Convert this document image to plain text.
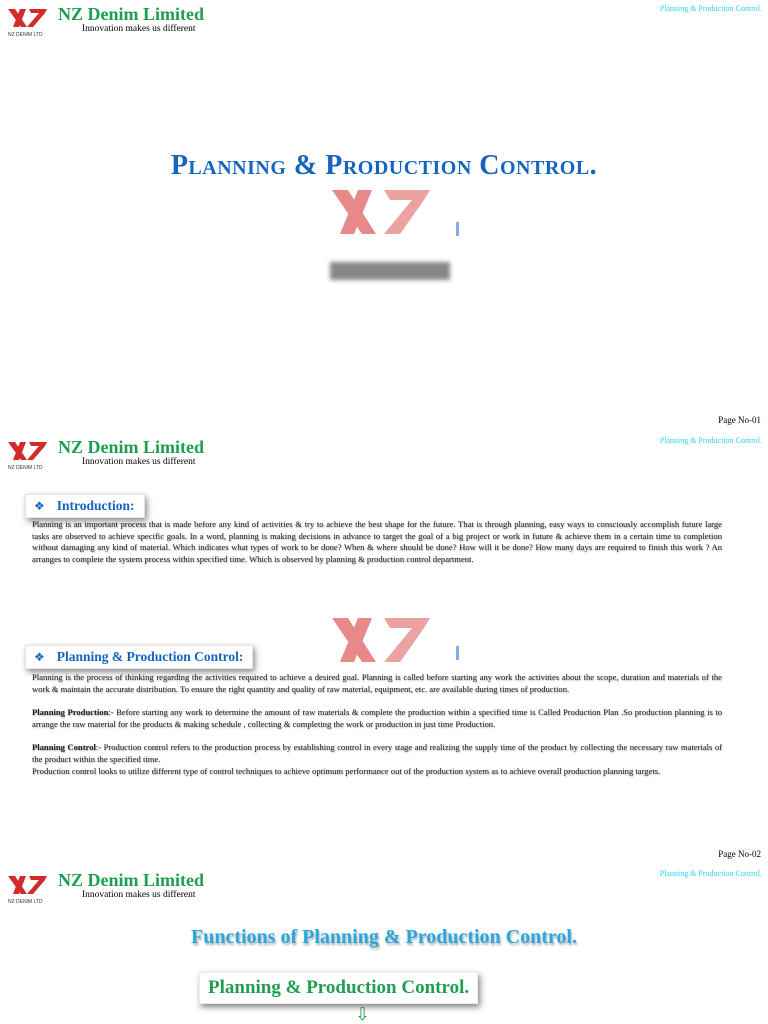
NZ DENIM LTD
NZ Denim Limited
Innovation makes us different
Planning & Production Control.
Planning & Production Control.
Page No-01
NZ DENIM LTD
NZ Denim Limited
Innovation makes us different
Planning & Production Control.
❖ Introduction:
Planning is an important process that is made before any kind of activities & try to achieve the best shape for the future. That is through planning, easy ways to consciously accomplish future large tasks are observed to achieve specific goals. In a word, planning is making decisions in advance to target the goal of a big project or work in future & achieve them in a certain time to completion without damaging any kind of material. Which indicates what types of work to be done? When & where should be done? How will it be done? How many days are required to finish this work ? An arranges to complete the system process within specified time. Which is observed by planning & production control department.
❖ Planning & Production Control:
Planning is the process of thinking regarding the activities required to achieve a desired goal. Planning is called before starting any work the activities about the scope, duration and materials of the work & maintain the accurate distribution. To ensure the right quantity and quality of raw material, equipment, etc. are available during times of production.
Planning Production:- Before starting any work to determine the amount of raw materials & complete the production within a specified time is Called Production Plan .So production planning is to arrange the raw material for the products & making schedule , collecting & completing the work or production in just time Production.
Planning Control:- Production control refers to the production process by establishing control in every stage and realizing the supply time of the product by collecting the necessary raw materials of the product within the specified time.
Production control looks to utilize different type of control techniques to achieve optimum performance out of the production system as to achieve overall production planning targets.
Page No-02
NZ DENIM LTD
NZ Denim Limited
Innovation makes us different
Planning & Production Control.
Functions of Planning & Production Control.
Planning & Production Control.
⇩
